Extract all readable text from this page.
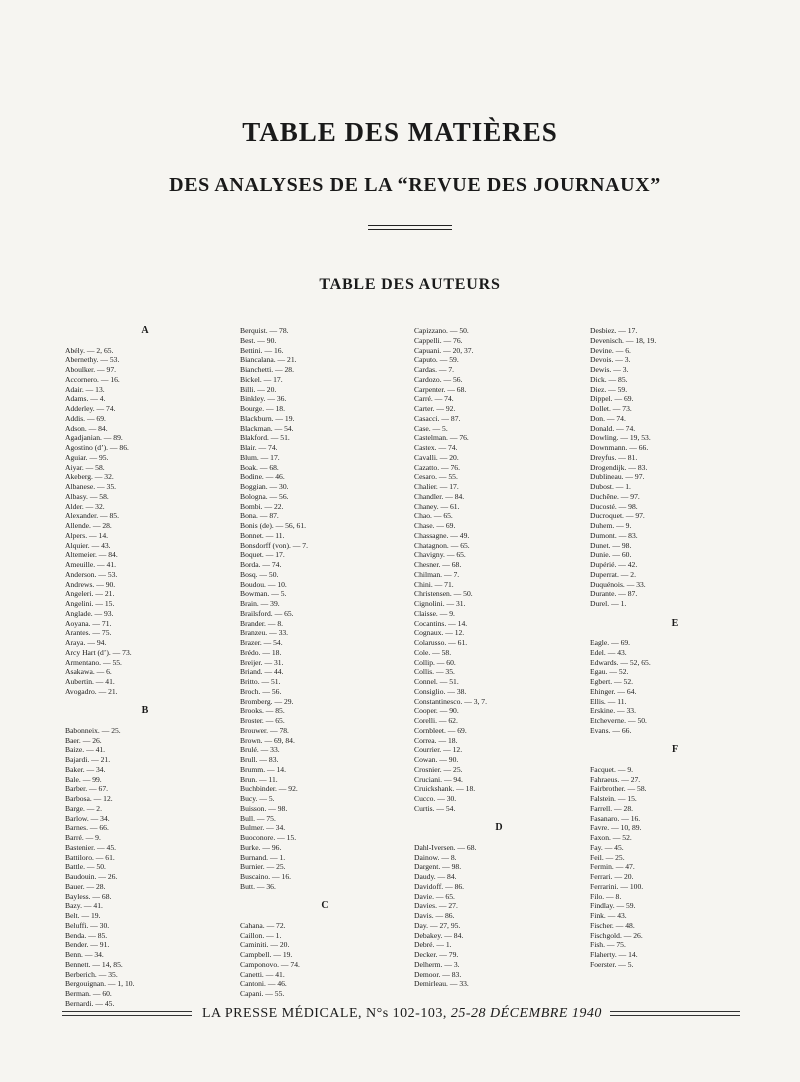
TABLE DES MATIÈRES
DES ANALYSES DE LA “REVUE DES JOURNAUX”
TABLE DES AUTEURS
A
Abély. — 2, 65.
Abernethy. — 53.
Aboulker. — 97.
Accornero. — 16.
Adair. — 13.
Adams. — 4.
Adderley. — 74.
Addis. — 69.
Adson. — 84.
Agadjanian. — 89.
Agostino (d’). — 86.
Aguiar. — 95.
Aiyar. — 58.
Akeberg. — 32.
Albanese. — 35.
Albasy. — 58.
Alder. — 32.
Alexander. — 85.
Allende. — 28.
Alpers. — 14.
Alquier. — 43.
Altemeier. — 84.
Ameuille. — 41.
Anderson. — 53.
Andrews. — 90.
Angeleri. — 21.
Angelini. — 15.
Anglade. — 93.
Aoyana. — 71.
Arantes. — 75.
Araya. — 94.
Arcy Hart (d’). — 73.
Armentano. — 55.
Asakawa. — 6.
Aubertin. — 41.
Avogadro. — 21.
B
Babonneix. — 25.
Baer. — 26.
Baize. — 41.
Bajardi. — 21.
Baker. — 34.
Bale. — 99.
Barber. — 67.
Barbosa. — 12.
Barge. — 2.
Barlow. — 34.
Barnes. — 66.
Barré. — 9.
Bastenier. — 45.
Battiloro. — 61.
Battle. — 50.
Baudouin. — 26.
Bauer. — 28.
Bayless. — 68.
Bazy. — 41.
Belt. — 19.
Beluffi. — 30.
Benda. — 85.
Bender. — 91.
Benn. — 34.
Bennett. — 14, 85.
Berberich. — 35.
Bergouignan. — 1, 10.
Berman. — 60.
Bernardi. — 45.
Berquist. — 78.
Best. — 90.
Bettini. — 16.
Biancalana. — 21.
Bianchetti. — 28.
Bickel. — 17.
Billi. — 20.
Binkley. — 36.
Bourge. — 18.
Blackburn. — 19.
Blackman. — 54.
Blakford. — 51.
Blair. — 74.
Blum. — 17.
Boak. — 68.
Bodine. — 46.
Boggian. — 30.
Bologna. — 56.
Bombi. — 22.
Bona. — 87.
Bonis (de). — 56, 61.
Bonnet. — 11.
Bonsdorff (von). — 7.
Boquet. — 17.
Borda. — 74.
Bosq. — 50.
Boudou. — 10.
Bowman. — 5.
Brain. — 39.
Brailsford. — 65.
Brander. — 8.
Branzeu. — 33.
Brazer. — 54.
Brédo. — 18.
Breijer. — 31.
Briand. — 44.
Britto. — 51.
Broch. — 56.
Bromberg. — 29.
Brooks. — 85.
Broster. — 65.
Brouwer. — 78.
Brown. — 69, 84.
Brulé. — 33.
Brull. — 83.
Brumm. — 14.
Brun. — 11.
Buchbinder. — 92.
Bucy. — 5.
Buisson. — 98.
Bull. — 75.
Bulmer. — 34.
Buoconore. — 15.
Burke. — 96.
Burnand. — 1.
Burnier. — 25.
Buscaino. — 16.
Butt. — 36.
C
Cahana. — 72.
Caillon. — 1.
Caminiti. — 20.
Campbell. — 19.
Camponovo. — 74.
Canetti. — 41.
Cantoni. — 46.
Capani. — 55.
Capizzano. — 50.
Cappelli. — 76.
Capuani. — 20, 37.
Caputo. — 59.
Cardas. — 7.
Cardozo. — 56.
Carpenter. — 68.
Carré. — 74.
Carter. — 92.
Casacci. — 87.
Case. — 5.
Castelman. — 76.
Castex. — 74.
Cavalli. — 20.
Cazatto. — 76.
Cesaro. — 55.
Chalier. — 17.
Chandler. — 84.
Chaney. — 61.
Chao. — 65.
Chase. — 69.
Chassagne. — 49.
Chatagnon. — 65.
Chavigny. — 65.
Chesner. — 68.
Chilman. — 7.
Chini. — 71.
Christensen. — 50.
Cignolini. — 31.
Claisse. — 9.
Cocantins. — 14.
Cognaux. — 12.
Colarusso. — 61.
Cole. — 58.
Collip. — 60.
Collis. — 35.
Connel. — 51.
Consiglio. — 38.
Constantinesco. — 3, 7.
Cooper. — 90.
Corelli. — 62.
Cornbleet. — 69.
Correa. — 18.
Courrier. — 12.
Cowan. — 90.
Crosnier. — 25.
Cruciani. — 94.
Cruickshank. — 18.
Cucco. — 30.
Curtis. — 54.
D
Dahl-Iversen. — 68.
Dainow. — 8.
Dargent. — 98.
Daudy. — 84.
Davidoff. — 86.
Davie. — 65.
Davies. — 27.
Davis. — 86.
Day. — 27, 95.
Debakey. — 84.
Debré. — 1.
Decker. — 79.
Delherm. — 3.
Demoor. — 83.
Demirleau. — 33.
Desbiez. — 17.
Devenisch. — 18, 19.
Devine. — 6.
Devois. — 3.
Dewis. — 3.
Dick. — 85.
Diez. — 59.
Dippel. — 69.
Dollet. — 73.
Don. — 74.
Donald. — 74.
Dowling. — 19, 53.
Downmann. — 66.
Dreyfus. — 81.
Drogendijk. — 83.
Dublineau. — 97.
Dubost. — 1.
Duchêne. — 97.
Ducosté. — 98.
Ducroquet. — 97.
Duhem. — 9.
Dumont. — 83.
Dunet. — 98.
Dunie. — 60.
Dupérié. — 42.
Duperrat. — 2.
Duquénois. — 33.
Durante. — 87.
Durel. — 1.
E
Eagle. — 69.
Edel. — 43.
Edwards. — 52, 65.
Egau. — 52.
Egbert. — 52.
Ehinger. — 64.
Ellis. — 11.
Erskine. — 33.
Etcheverne. — 50.
Evans. — 66.
F
Facquet. — 9.
Fahraeus. — 27.
Fairbrother. — 58.
Falstein. — 15.
Farrell. — 28.
Fasanaro. — 16.
Favre. — 10, 89.
Faxon. — 52.
Fay. — 45.
Feil. — 25.
Fermin. — 47.
Ferrari. — 20.
Ferrarini. — 100.
Filo. — 8.
Findlay. — 59.
Fink. — 43.
Fischer. — 48.
Fischgold. — 26.
Fish. — 75.
Flaherty. — 14.
Foerster. — 5.
LA PRESSE MÉDICALE, N°s 102-103, 25-28 DÉCEMBRE 1940
